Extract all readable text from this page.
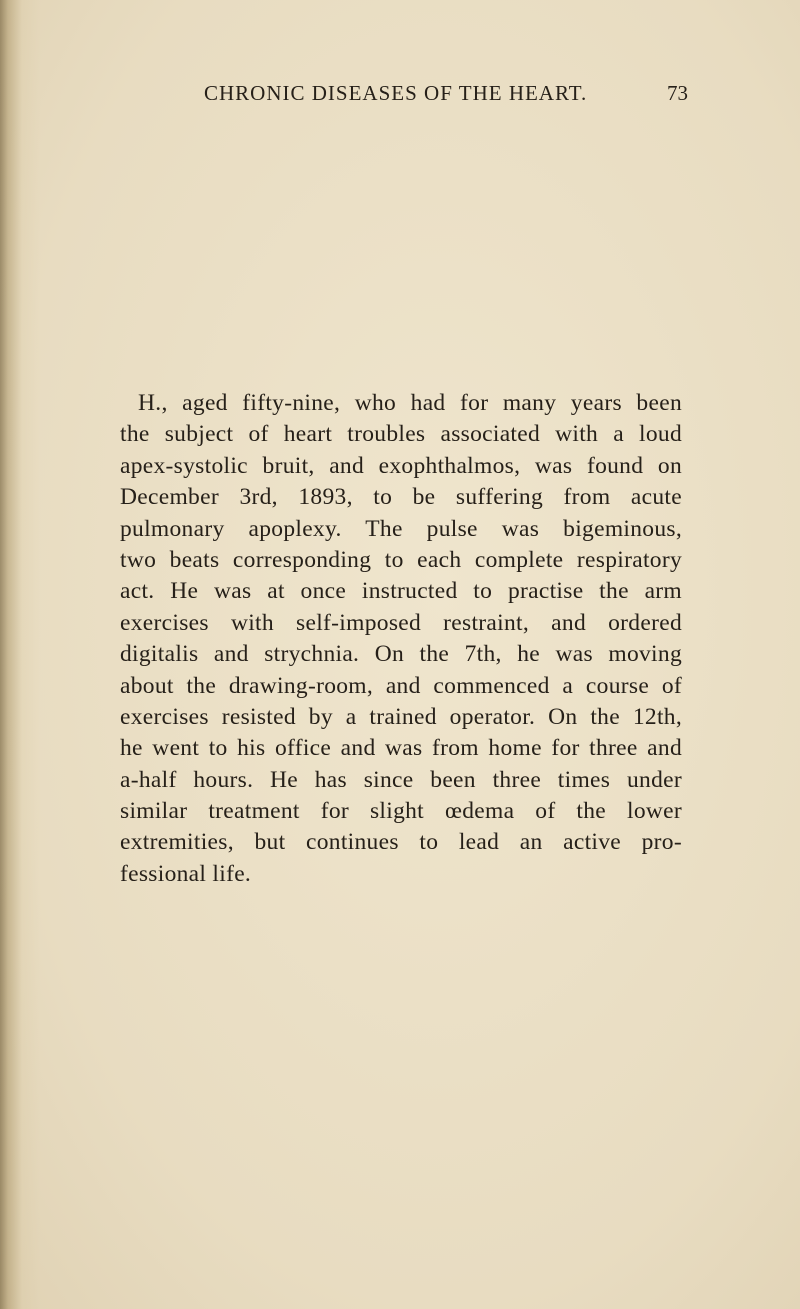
CHRONIC DISEASES OF THE HEART.	73

H., aged fifty-nine, who had for many years been
the subject of heart troubles associated with a loud
apex-systolic bruit, and exophthalmos, was found on
December 3rd, 1893, to be suffering from acute
pulmonary apoplexy. The pulse was bigeminous,
two beats corresponding to each complete respiratory
act. He was at once instructed to practise the arm
exercises with self-imposed restraint, and ordered
digitalis and strychnia. On the 7th, he was moving
about the drawing-room, and commenced a course of
exercises resisted by a trained operator. On the 12th,
he went to his office and was from home for three and
a-half hours. He has since been three times under
similar treatment for slight œdema of the lower
extremities, but continues to lead an active pro-
fessional life.
